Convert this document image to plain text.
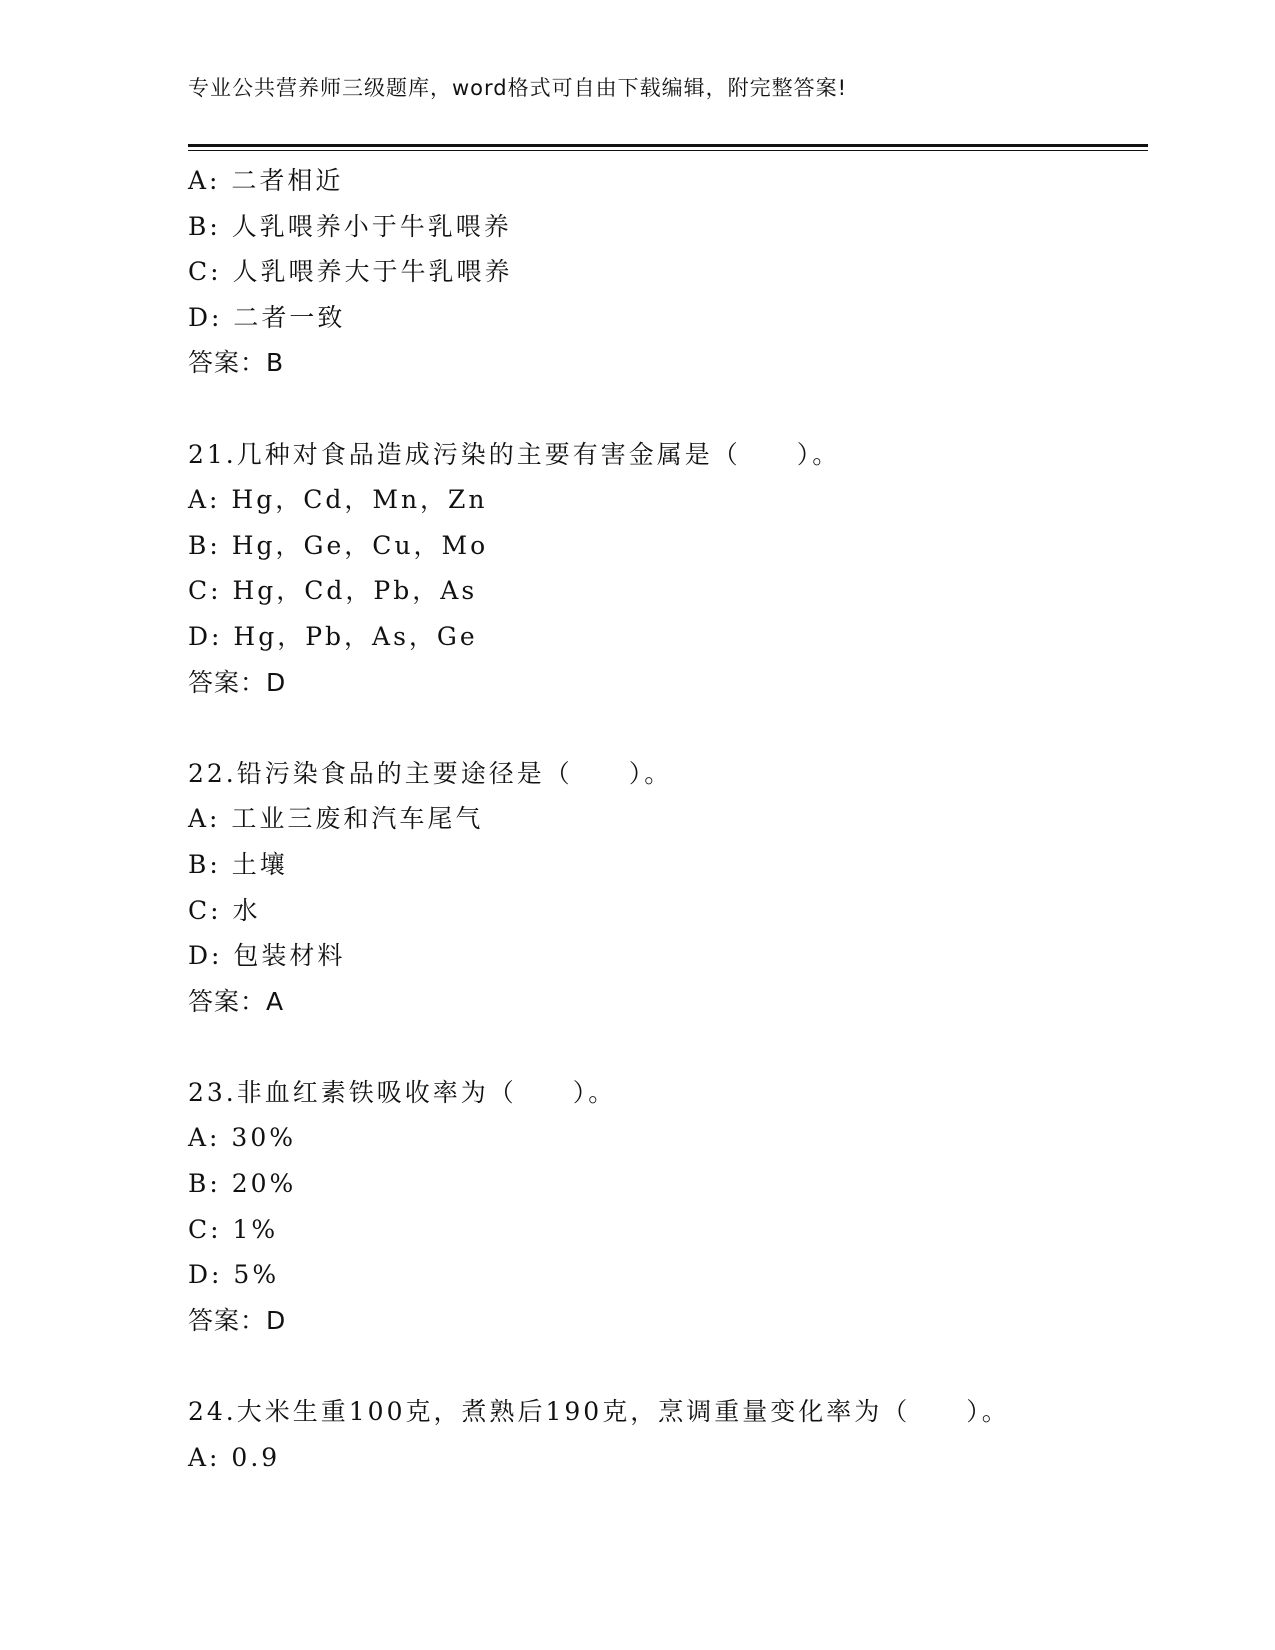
专业公共营养师三级题库，word格式可自由下载编辑，附完整答案!
A: 二者相近
B: 人乳喂养小于牛乳喂养
C: 人乳喂养大于牛乳喂养
D: 二者一致
答案：B
21.几种对食品造成污染的主要有害金属是（　　）。
A: Hg，Cd，Mn，Zn
B: Hg，Ge，Cu，Mo
C: Hg，Cd，Pb，As
D: Hg，Pb，As，Ge
答案：D
22.铅污染食品的主要途径是（　　）。
A: 工业三废和汽车尾气
B: 土壤
C: 水
D: 包装材料
答案：A
23.非血红素铁吸收率为（　　）。
A: 30%
B: 20%
C: 1%
D: 5%
答案：D
24.大米生重100克，煮熟后190克，烹调重量变化率为（　　）。
A: 0.9
